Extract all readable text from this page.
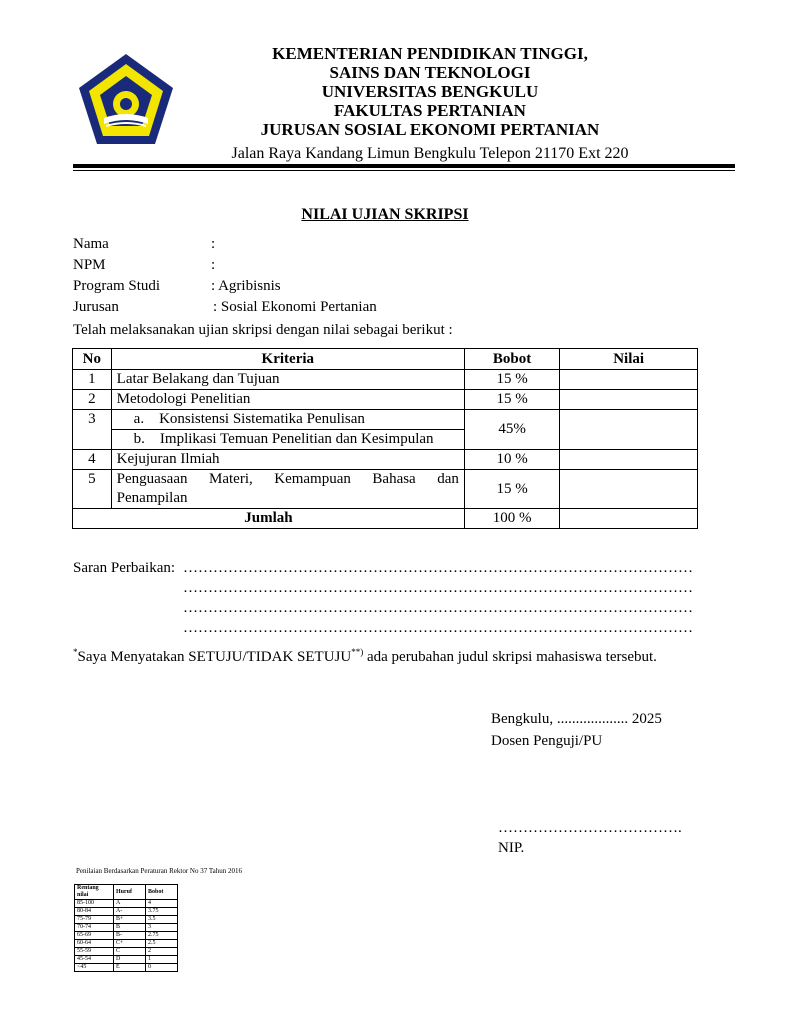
KEMENTERIAN PENDIDIKAN TINGGI,
SAINS DAN TEKNOLOGI
UNIVERSITAS BENGKULU
FAKULTAS PERTANIAN
JURUSAN SOSIAL EKONOMI PERTANIAN
Jalan Raya Kandang Limun Bengkulu Telepon 21170 Ext 220
NILAI UJIAN SKRIPSI
Nama	:
NPM	:
Program Studi	: Agribisnis
Jurusan	: Sosial Ekonomi Pertanian
Telah melaksanakan ujian skripsi dengan nilai sebagai berikut :
No	Kriteria	Bobot	Nilai
1	Latar Belakang dan Tujuan	15 %	
2	Metodologi Penelitian	15 %	
3	a. Konsistensi Sistematika Penulisan	45%	
	b. Implikasi Temuan Penelitian dan Kesimpulan		
4	Kejujuran Ilmiah	10 %	
5	Penguasaan Materi, Kemampuan Bahasa dan Penampilan	15 %	
Jumlah		100 %	
Saran Perbaikan: …………………………………………………………………………………………
…………………………………………………………………………………………
…………………………………………………………………………………………
…………………………………………………………………………………………
*Saya Menyatakan SETUJU/TIDAK SETUJU**) ada perubahan judul skripsi mahasiswa tersebut.
Bengkulu, ................... 2025
Dosen Penguji/PU
……………………………….
NIP.
Penilaian Berdasarkan Peraturan Rektor No 37 Tahun 2016
Rentang nilai	Huruf	Bobot
85-100	A	4
80-84	A-	3.75
75-79	B+	3.5
70-74	B	3
65-69	B-	2.75
60-64	C+	2.5
55-59	C	2
45-54	D	1
<45	E	0
